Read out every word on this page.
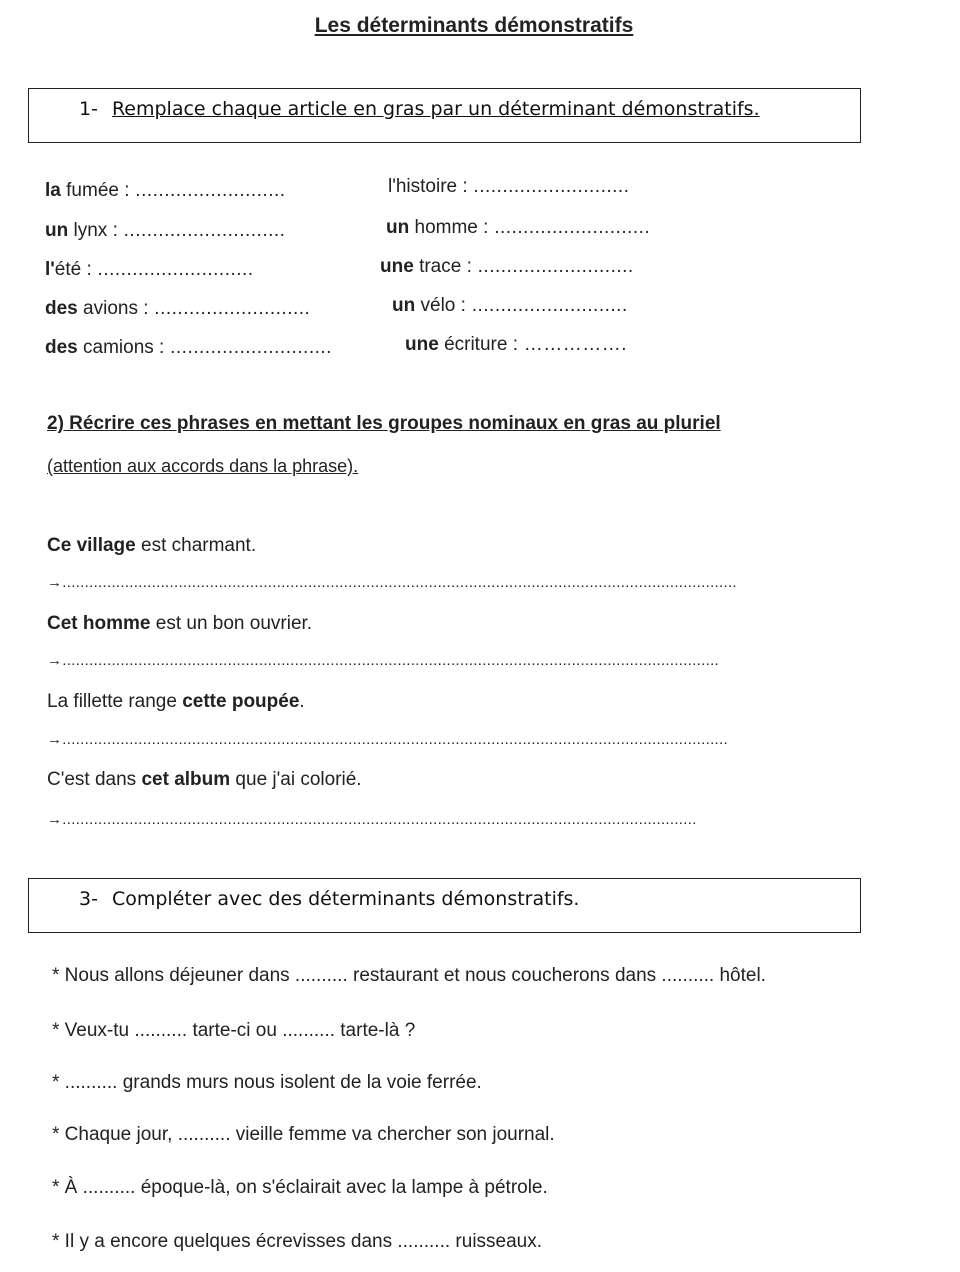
Les déterminants démonstratifs
1- Remplace chaque article en gras par un déterminant démonstratifs.
la fumée : ..........................	l'histoire : ...........................
un lynx : ............................	un homme : ...........................
l'été : ...........................	une trace : ...........................
des avions : ...........................	un vélo : ...........................
des camions : ............................	une écriture : …………….
2) Récrire ces phrases en mettant les groupes nominaux en gras au pluriel
(attention aux accords dans la phrase).
Ce village est charmant.
→.......................................................................................................................................................
Cet homme est un bon ouvrier.
→...................................................................................................................................................
La fillette range cette poupée.
→.....................................................................................................................................................
C'est dans cet album que j'ai colorié.
→..............................................................................................................................................
3- Compléter avec des déterminants démonstratifs.
* Nous allons déjeuner dans .......... restaurant et nous coucherons dans .......... hôtel.
* Veux-tu .......... tarte-ci ou .......... tarte-là ?
* .......... grands murs nous isolent de la voie ferrée.
* Chaque jour, .......... vieille femme va chercher son journal.
* À .......... époque-là, on s'éclairait avec la lampe à pétrole.
* Il y a encore quelques écrevisses dans .......... ruisseaux.
